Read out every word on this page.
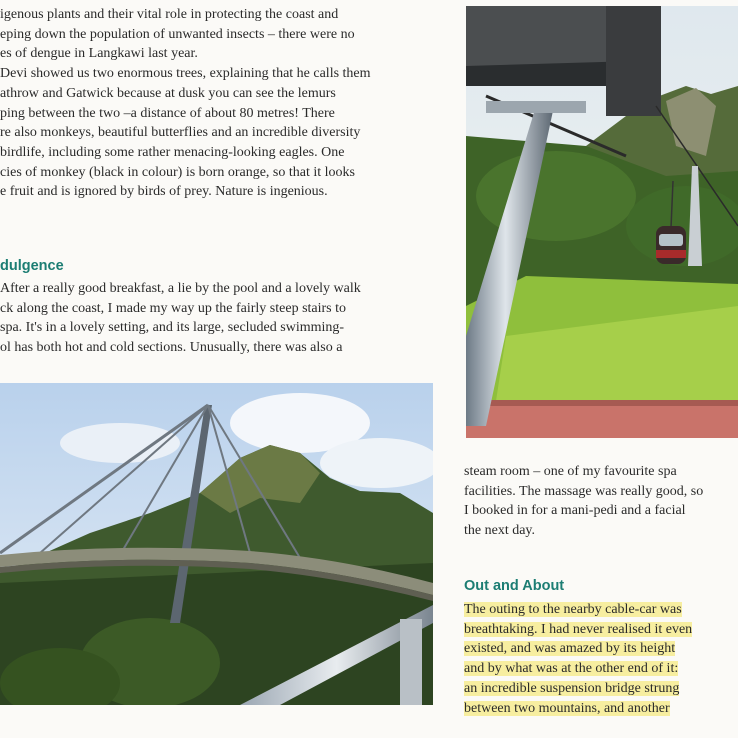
igenous plants and their vital role in protecting the coast and

eping down the population of unwanted insects – there were no

es of dengue in Langkawi last year.

Devi showed us two enormous trees, explaining that he calls them

athrow and Gatwick because at dusk you can see the lemurs

ping between the two –a distance of about 80 metres! There

re also monkeys, beautiful butterflies and an incredible diversity

birdlife, including some rather menacing-looking eagles. One

cies of monkey (black in colour) is born orange, so that it looks

e fruit and is ignored by birds of prey. Nature is ingenious.

dulgence

After a really good breakfast, a lie by the pool and a lovely walk

ck along the coast, I made my way up the fairly steep stairs to

spa. It's in a lovely setting, and its large, secluded swimming-

ol has both hot and cold sections. Unusually, there was also a

steam room – one of my favourite spa

facilities. The massage was really good, so

I booked in for a mani-pedi and a facial

the next day.

Out and About

The outing to the nearby cable-car was

breathtaking. I had never realised it even

existed, and was amazed by its height

and by what was at the other end of it:

an incredible suspension bridge strung

between two mountains, and another
